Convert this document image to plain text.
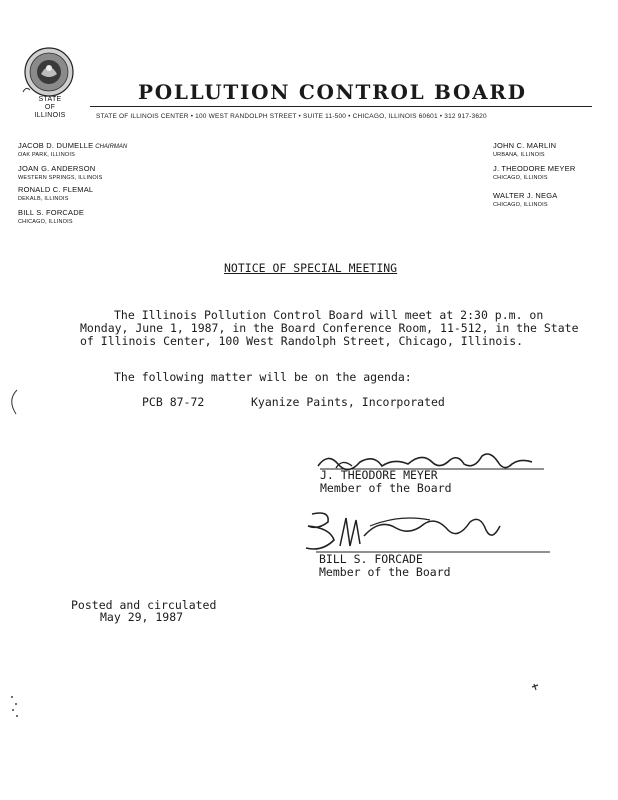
STATE
OF
ILLINOIS
POLLUTION CONTROL BOARD
STATE OF ILLINOIS CENTER • 100 WEST RANDOLPH STREET • SUITE 11-500 • CHICAGO, ILLINOIS 60601 • 312 917-3620
JACOB D. DUMELLE CHAIRMAN
OAK PARK, ILLINOIS
JOAN G. ANDERSON
WESTERN SPRINGS, ILLINOIS
RONALD C. FLEMAL
DEKALB, ILLINOIS
BILL S. FORCADE
CHICAGO, ILLINOIS
JOHN C. MARLIN
URBANA, ILLINOIS
J. THEODORE MEYER
CHICAGO, ILLINOIS
WALTER J. NEGA
CHICAGO, ILLINOIS
NOTICE OF SPECIAL MEETING
The Illinois Pollution Control Board will meet at 2:30 p.m. on Monday, June 1, 1987, in the Board Conference Room, 11-512, in the State of Illinois Center, 100 West Randolph Street, Chicago, Illinois.
The following matter will be on the agenda:
PCB 87-72	Kyanize Paints, Incorporated
J. THEODORE MEYER
Member of the Board
BILL S. FORCADE
Member of the Board
Posted and circulated
May 29, 1987
